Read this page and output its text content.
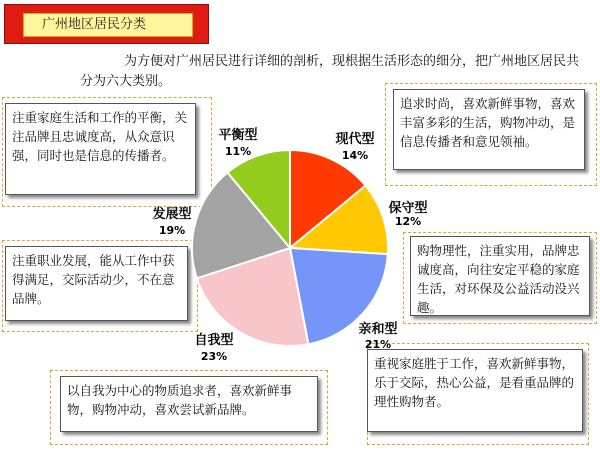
广州地区居民分类
为方便对广州居民进行详细的剖析，现根据生活形态的细分，把广州地区居民共分为六大类别。
注重家庭生活和工作的平衡，关注品牌且忠诚度高，从众意识强，同时也是信息的传播者。
注重职业发展，能从工作中获得满足，交际活动少，不在意品牌。
追求时尚，喜欢新鲜事物，喜欢丰富多彩的生活，购物冲动，是信息传播者和意见领袖。
购物理性，注重实用，品牌忠诚度高，向往安定平稳的家庭生活，对环保及公益活动没兴趣。
以自我为中心的物质追求者，喜欢新鲜事物，购物冲动，喜欢尝试新品牌。
重视家庭胜于工作，喜欢新鲜事物，乐于交际，热心公益，是看重品牌的理性购物者。
现代型
14%
保守型
12%
亲和型
21%
自我型
23%
发展型
19%
平衡型
11%
